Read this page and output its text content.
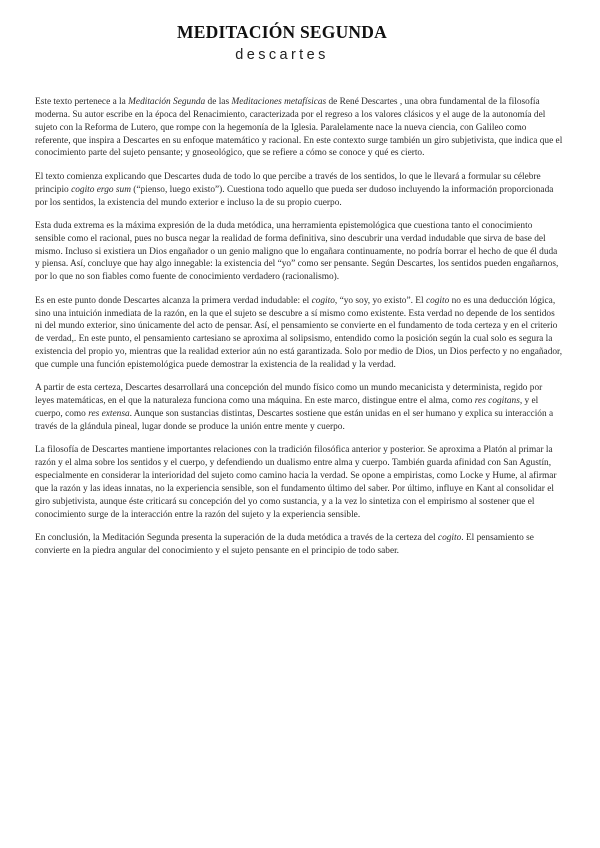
MEDITACIÓN SEGUNDA
descartes

Este texto pertenece a la Meditación Segunda de las Meditaciones metafísicas de René Descartes , una obra fundamental de la filosofía moderna. Su autor escribe en la época del Renacimiento, caracterizada por el regreso a los valores clásicos y el auge de la autonomía del sujeto con la Reforma de Lutero, que rompe con la hegemonía de la Iglesia. Paralelamente nace la nueva ciencia, con Galileo como referente, que inspira a Descartes en su enfoque matemático y racional. En este contexto surge también un giro subjetivista, que indica que el conocimiento parte del sujeto pensante; y gnoseológico, que se refiere a cómo se conoce y qué es cierto.

El texto comienza explicando que Descartes duda de todo lo que percibe a través de los sentidos, lo que le llevará a formular su célebre principio cogito ergo sum (“pienso, luego existo”). Cuestiona todo aquello que pueda ser dudoso incluyendo la información proporcionada por los sentidos, la existencia del mundo exterior e incluso la de su propio cuerpo.

Esta duda extrema es la máxima expresión de la duda metódica, una herramienta epistemológica que cuestiona tanto el conocimiento sensible como el racional, pues no busca negar la realidad de forma definitiva, sino descubrir una verdad indudable que sirva de base del mismo. Incluso si existiera un Dios engañador o un genio maligno que lo engañara continuamente, no podría borrar el hecho de que él duda y piensa. Así, concluye que hay algo innegable: la existencia del “yo” como ser pensante. Según Descartes, los sentidos pueden engañarnos, por lo que no son fiables como fuente de conocimiento verdadero (racionalismo).

Es en este punto donde Descartes alcanza la primera verdad indudable: el cogito, “yo soy, yo existo”. El cogito no es una deducción lógica, sino una intuición inmediata de la razón, en la que el sujeto se descubre a sí mismo como existente. Esta verdad no depende de los sentidos ni del mundo exterior, sino únicamente del acto de pensar. Así, el pensamiento se convierte en el fundamento de toda certeza y en el criterio de verdad,. En este punto, el pensamiento cartesiano se aproxima al solipsismo, entendido como la posición según la cual solo es segura la existencia del propio yo, mientras que la realidad exterior aún no está garantizada. Solo por medio de Dios, un Dios perfecto y no engañador, que cumple una función epistemológica puede demostrar la existencia de la realidad y la verdad.

A partir de esta certeza, Descartes desarrollará una concepción del mundo físico como un mundo mecanicista y determinista, regido por leyes matemáticas, en el que la naturaleza funciona como una máquina. En este marco, distingue entre el alma, como res cogitans, y el cuerpo, como res extensa. Aunque son sustancias distintas, Descartes sostiene que están unidas en el ser humano y explica su interacción a través de la glándula pineal, lugar donde se produce la unión entre mente y cuerpo.

La filosofía de Descartes mantiene importantes relaciones con la tradición filosófica anterior y posterior. Se aproxima a Platón al primar la razón y el alma sobre los sentidos y el cuerpo, y defendiendo un dualismo entre alma y cuerpo. También guarda afinidad con San Agustín, especialmente en considerar la interioridad del sujeto como camino hacia la verdad. Se opone a empiristas, como Locke y Hume, al afirmar que la razón y las ideas innatas, no la experiencia sensible, son el fundamento último del saber. Por último, influye en Kant al consolidar el giro subjetivista, aunque éste criticará su concepción del yo como sustancia, y a la vez lo sintetiza con el empirismo al sostener que el conocimiento surge de la interacción entre la razón del sujeto y la experiencia sensible.

En conclusión, la Meditación Segunda presenta la superación de la duda metódica a través de la certeza del cogito. El pensamiento se convierte en la piedra angular del conocimiento y el sujeto pensante en el principio de todo saber.
